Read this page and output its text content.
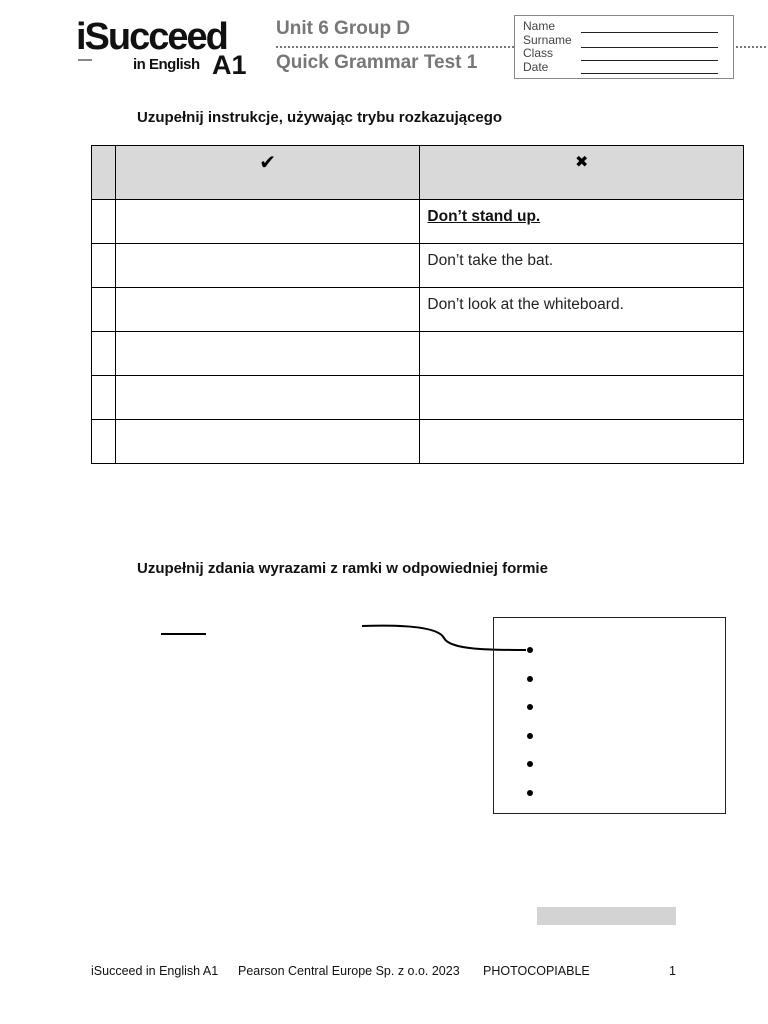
iSucceed
in English A1
Unit 6 Group D
Quick Grammar Test 1
Name
Surname
Class
Date
Uzupełnij instrukcje, używając trybu rozkazującego

	✔	✖

		Don’t stand up.

		Don’t take the bat.

		Don’t look at the whiteboard.

Uzupełnij zdania wyrazami z ramki w odpowiedniej formie
iSucceed in English A1 Pearson Central Europe Sp. z o.o. 2023 PHOTOCOPIABLE	1
